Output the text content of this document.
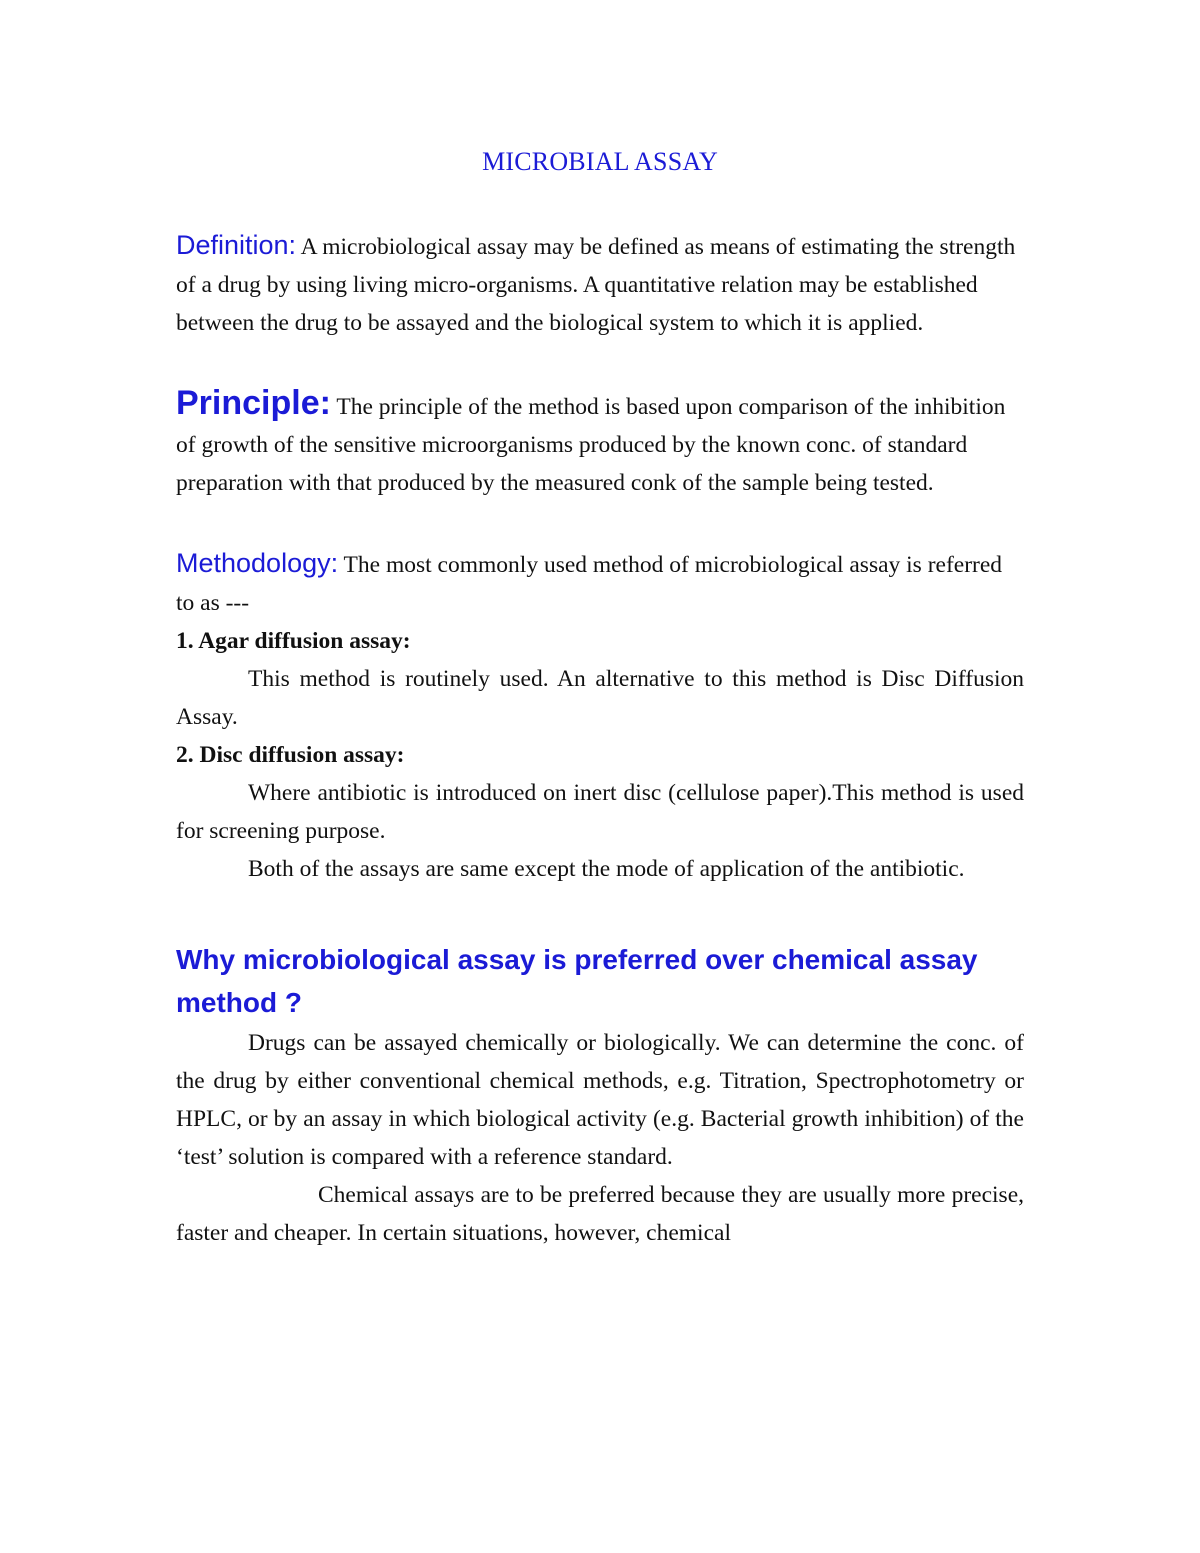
MICROBIAL ASSAY

Definition: A microbiological assay may be defined as means of estimating the strength of a drug by using living micro-organisms. A quantitative relation may be established between the drug to be assayed and the biological system to which it is applied.

Principle: The principle of the method is based upon comparison of the inhibition of growth of the sensitive microorganisms produced by the known conc. of standard preparation with that produced by the measured conk of the sample being tested.

Methodology: The most commonly used method of microbiological assay is referred to as ---

1. Agar diffusion assay:

This method is routinely used. An alternative to this method is Disc Diffusion Assay.

2. Disc diffusion assay:

Where antibiotic is introduced on inert disc (cellulose paper).This method is used for screening purpose.

Both of the assays are same except the mode of application of the antibiotic.

Why microbiological assay is preferred over chemical assay method ?

Drugs can be assayed chemically or biologically. We can determine the conc. of the drug by either conventional chemical methods, e.g. Titration, Spectrophotometry or HPLC, or by an assay in which biological activity (e.g. Bacterial growth inhibition) of the ‘test’ solution is compared with a reference standard.

Chemical assays are to be preferred because they are usually more precise, faster and cheaper. In certain situations, however, chemical
